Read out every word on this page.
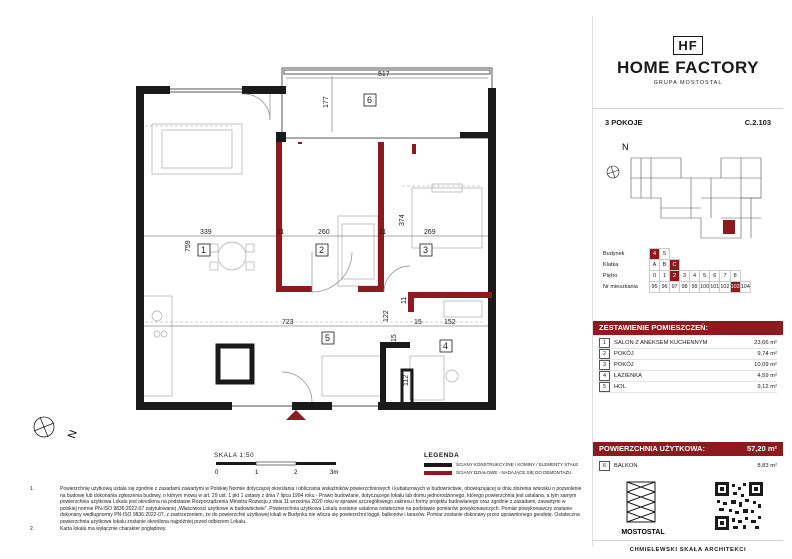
517
177
339	260	269
374
759
11	11
11
723	152
15
15
122
112
1	2	3
4
5
6
N
SKALA 1:50
0	1	2	3m
LEGENDA
ŚCIANY KONSTRUKCYJNE / KOMINY / ELEMENTY STAŁE
ŚCIANY DZIAŁOWE - NADAJĄCE SIĘ DO DEMONTAŻU
1.	Powierzchnię użytkową ustala się zgodnie z zasadami zawartymi w Polskiej Normie dotyczącej określania i obliczania wskaźników powierzchniowych i kubaturowych w budownictwie, obowiązującej w dniu złożenia wniosku o pozwolenie na budowę lub dokonania zgłoszenia budowy, o którym mowa w art. 29 ust. 1 pkt 1 ustawy z dnia 7 lipca 1994 roku - Prawo budowlane, dotyczącego lokalu lub domu jednorodzinnego, którego powierzchnia jest ustalana, a tym samym powierzchnia użytkowa Lokalu jest określona na podstawie Rozporządzenia Ministra Rozwoju z dnia 11 września 2020 roku w sprawie szczegółowego zakresu i formy projektu budowlanego oraz zgodnie z zasadami, zawartymi w polskiej normie PN-ISO 9836:2022-07 zatytułowanej „Właściwości użytkowe w budownictwie”. Powierzchnia użytkowa Lokalu zostanie ustalona ostatecznie na podstawie pomiarów powykonawczych. Pomiar powykonawczy zostanie dokonany wedługnormy PN-ISO 9836:2022-07, z zastrzeżeniem, że do powierzchni użytkowej lokali w Budynku nie wlicza się powierzchni loggii, balkonów i tarasów. Pomiar zostanie dokonany przez uprawnionego geodetę. Ostateczna powierzchnia użytkowa lokalu zostanie określona najpóźniej przed odbiorem Lokalu.
2.	Karta lokalu ma wyłącznie charakter poglądowy.
HF
HOME FACTORY
GRUPA MOSTOSTAL
3 POKOJE	C.2.103
N
Budynek	4	5								
Klatka	A	B	C							
Piętro	0	1	2	3	4	5	6	7	8	
Nr mieszkania	95	96	97	98	99	100	101	102	103	104
ZESTAWIENIE POMIESZCZEŃ:
1	SALON Z ANEKSEM KUCHENNYM	23,66 m²
2	POKÓJ	9,74 m²
3	POKÓJ	10,09 m²
4	ŁAZIENKA	4,59 m²
5	HOL	9,12 m²
POWIERZCHNIA UŻYTKOWA:	57,20 m²
6	BALKON	8,83 m²
MOSTOSTAL
CHMIELEWSKI SKAŁA ARCHITEKCI
